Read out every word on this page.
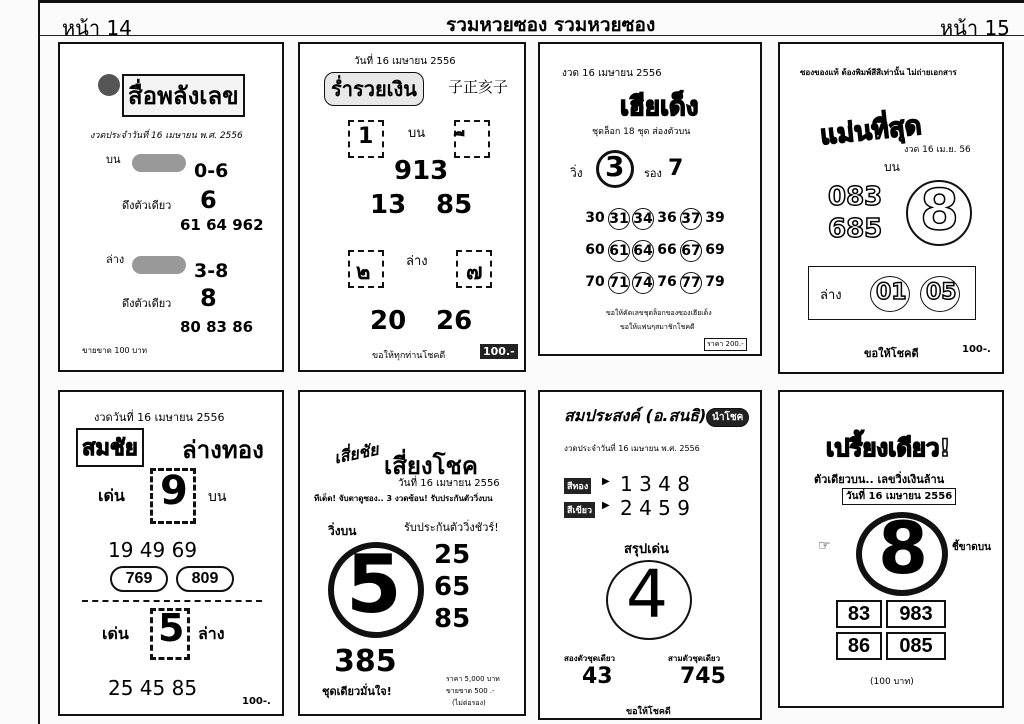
หน้า 14	รวมหวยซอง รวมหวยซอง	หน้า 15
สื่อพลังเลข
งวดประจำวันที่ 16 เมษายน พ.ศ. 2556
บน
0-6
ดึงตัวเดียว 6
61 64 962
ล่าง
3-8
ดึงตัวเดียว 8
80 83 86
ขายขาด 100 บาท
วันที่ 16 เมษายน 2556
ร่ำรวยเงิน	子正亥子
1	บน
913
13 85
๒	ล่าง ๗
20 26
ขอให้ทุกท่านโชคดี	100.-
งวด 16 เมษายน 2556
เฮียเด็ง
ชุดล็อก 18 ชุด ส่องตัวบน
วิ่ง 3 รอง 7
30 31 34 36 37 39
60 61 64 66 67 69
70 71 74 76 77 79
ขอให้คัดเลขชุดล็อกของซองเฮียเด็ง
ขอให้แฟนๆสมาชิกโชคดี
ราคา 200.-
ซองของแท้ ต้องพิมพ์สีสีเท่านั้น ไม่ถ่ายเอกสาร
แม่นที่สุด
งวด 16 เม.ย. 56
บน
083
685 8
ล่าง 01 05
ขอให้โชคดี	100-.
งวดวันที่ 16 เมษายน 2556
สมชัย ล่างทอง
เด่น 9 บน
19 49 69
769	809
เด่น 5 ล่าง
25 45 85
100-.
เสี่ยชัย เสี่ยงโชค
วันที่ 16 เมษายน 2556
ทีเด็ด! จับตาดูซอง.. 3 งวดซ้อน! รับประกันตัววิ่งบน
วิ่งบน	รับประกันตัววิ่งชัวร์!
5 25
65
85
385
ชุดเดียวมั่นใจ!
ราคา 5,000 บาท
ขายขาด 500 .-
(ไม่ต่อรอง)
สมประสงค์ (อ.สนธิ) นำโชค
งวดประจำวันที่ 16 เมษายน พ.ศ. 2556
สีทอง	▶ 1 3 4 8
สีเขียว ▶ 2 4 5 9
สรุปเด่น
4
สองตัวชุดเดียว
43
สามตัวชุดเดียว
745
ขอให้โชคดี
เปรี้ยงเดียว!
ตัวเดียวบน.. เลขวิ่งเงินล้าน
วันที่ 16 เมษายน 2556
☞ 8 ชี้ขาดบน
83	983
86	085
(100 บาท)
